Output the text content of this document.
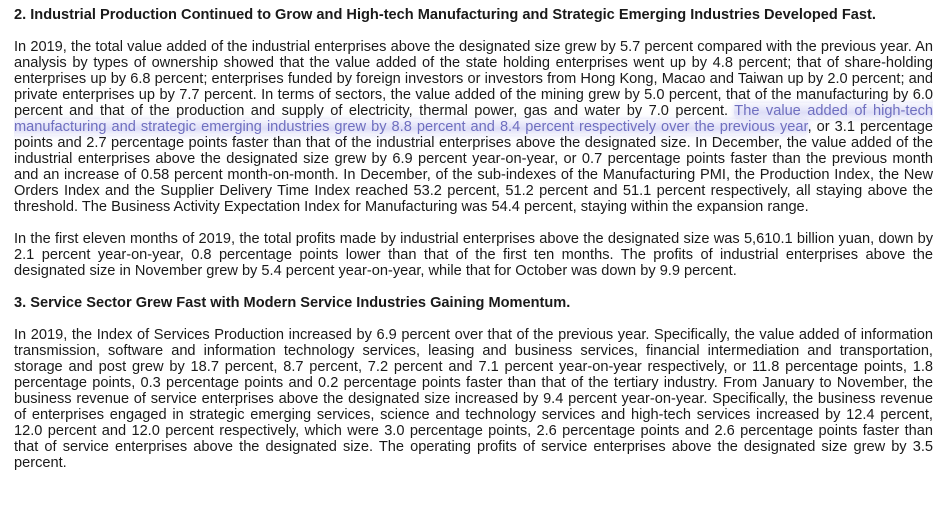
2. Industrial Production Continued to Grow and High-tech Manufacturing and Strategic Emerging Industries Developed Fast.

In 2019, the total value added of the industrial enterprises above the designated size grew by 5.7 percent compared with the previous year. An analysis by types of ownership showed that the value added of the state holding enterprises went up by 4.8 percent; that of share-holding enterprises up by 6.8 percent; enterprises funded by foreign investors or investors from Hong Kong, Macao and Taiwan up by 2.0 percent; and private enterprises up by 7.7 percent. In terms of sectors, the value added of the mining grew by 5.0 percent, that of the manufacturing by 6.0 percent and that of the production and supply of electricity, thermal power, gas and water by 7.0 percent. The value added of high-tech manufacturing and strategic emerging industries grew by 8.8 percent and 8.4 percent respectively over the previous year, or 3.1 percentage points and 2.7 percentage points faster than that of the industrial enterprises above the designated size. In December, the value added of the industrial enterprises above the designated size grew by 6.9 percent year-on-year, or 0.7 percentage points faster than the previous month and an increase of 0.58 percent month-on-month. In December, of the sub-indexes of the Manufacturing PMI, the Production Index, the New Orders Index and the Supplier Delivery Time Index reached 53.2 percent, 51.2 percent and 51.1 percent respectively, all staying above the threshold. The Business Activity Expectation Index for Manufacturing was 54.4 percent, staying within the expansion range.

In the first eleven months of 2019, the total profits made by industrial enterprises above the designated size was 5,610.1 billion yuan, down by 2.1 percent year-on-year, 0.8 percentage points lower than that of the first ten months. The profits of industrial enterprises above the designated size in November grew by 5.4 percent year-on-year, while that for October was down by 9.9 percent.

3. Service Sector Grew Fast with Modern Service Industries Gaining Momentum.

In 2019, the Index of Services Production increased by 6.9 percent over that of the previous year. Specifically, the value added of information transmission, software and information technology services, leasing and business services, financial intermediation and transportation, storage and post grew by 18.7 percent, 8.7 percent, 7.2 percent and 7.1 percent year-on-year respectively, or 11.8 percentage points, 1.8 percentage points, 0.3 percentage points and 0.2 percentage points faster than that of the tertiary industry. From January to November, the business revenue of service enterprises above the designated size increased by 9.4 percent year-on-year. Specifically, the business revenue of enterprises engaged in strategic emerging services, science and technology services and high-tech services increased by 12.4 percent, 12.0 percent and 12.0 percent respectively, which were 3.0 percentage points, 2.6 percentage points and 2.6 percentage points faster than that of service enterprises above the designated size. The operating profits of service enterprises above the designated size grew by 3.5 percent.
